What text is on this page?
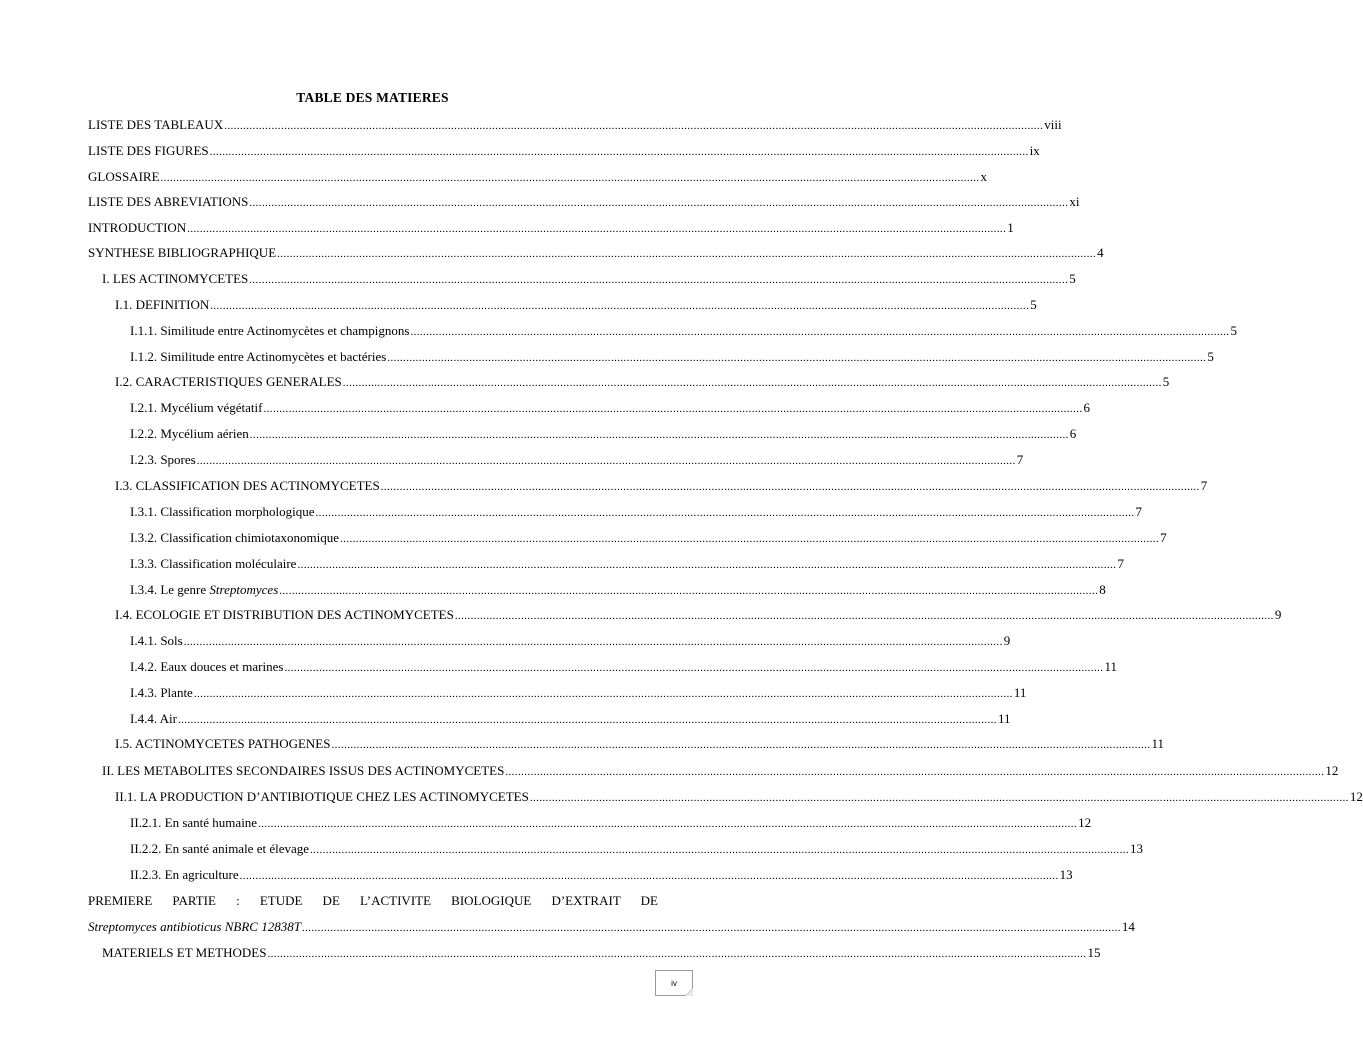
TABLE DES MATIERES
LISTE DES TABLEAUX .................................................................................................................................................................................................................................................................... viii
LISTE DES FIGURES .................................................................................................................................................................................................................................................................... ix
GLOSSAIRE .................................................................................................................................................................................................................................................................... x
LISTE DES ABREVIATIONS .................................................................................................................................................................................................................................................................... xi
INTRODUCTION .................................................................................................................................................................................................................................................................... 1
SYNTHESE BIBLIOGRAPHIQUE .................................................................................................................................................................................................................................................................... 4
I. LES ACTINOMYCETES .................................................................................................................................................................................................................................................................... 5
I.1. DEFINITION .................................................................................................................................................................................................................................................................... 5
I.1.1. Similitude entre Actinomycètes et champignons .................................................................................................................................................................................................................................................................... 5
I.1.2. Similitude entre Actinomycètes et bactéries .................................................................................................................................................................................................................................................................... 5
I.2. CARACTERISTIQUES GENERALES .................................................................................................................................................................................................................................................................... 5
I.2.1. Mycélium végétatif .................................................................................................................................................................................................................................................................... 6
I.2.2. Mycélium aérien .................................................................................................................................................................................................................................................................... 6
I.2.3. Spores .................................................................................................................................................................................................................................................................... 7
I.3. CLASSIFICATION DES ACTINOMYCETES .................................................................................................................................................................................................................................................................... 7
I.3.1. Classification morphologique .................................................................................................................................................................................................................................................................... 7
I.3.2. Classification chimiotaxonomique .................................................................................................................................................................................................................................................................... 7
I.3.3. Classification moléculaire .................................................................................................................................................................................................................................................................... 7
I.3.4. Le genre Streptomyces .................................................................................................................................................................................................................................................................... 8
I.4. ECOLOGIE ET DISTRIBUTION DES ACTINOMYCETES .................................................................................................................................................................................................................................................................... 9
I.4.1. Sols .................................................................................................................................................................................................................................................................... 9
I.4.2. Eaux douces et marines .................................................................................................................................................................................................................................................................... 11
I.4.3. Plante .................................................................................................................................................................................................................................................................... 11
I.4.4. Air .................................................................................................................................................................................................................................................................... 11
I.5. ACTINOMYCETES PATHOGENES .................................................................................................................................................................................................................................................................... 11
II. LES METABOLITES SECONDAIRES ISSUS DES ACTINOMYCETES .................................................................................................................................................................................................................................................................... 12
II.1. LA PRODUCTION D’ANTIBIOTIQUE CHEZ LES ACTINOMYCETES .................................................................................................................................................................................................................................................................... 12
II.2.1. En santé humaine .................................................................................................................................................................................................................................................................... 12
II.2.2. En santé animale et élevage .................................................................................................................................................................................................................................................................... 13
II.2.3. En agriculture .................................................................................................................................................................................................................................................................... 13
PREMIERE PARTIE : ETUDE DE L’ACTIVITE BIOLOGIQUE D’EXTRAIT DE
Streptomyces antibioticus NBRC 12838T .................................................................................................................................................................................................................................................................... 14
MATERIELS ET METHODES .................................................................................................................................................................................................................................................................... 15
iv
